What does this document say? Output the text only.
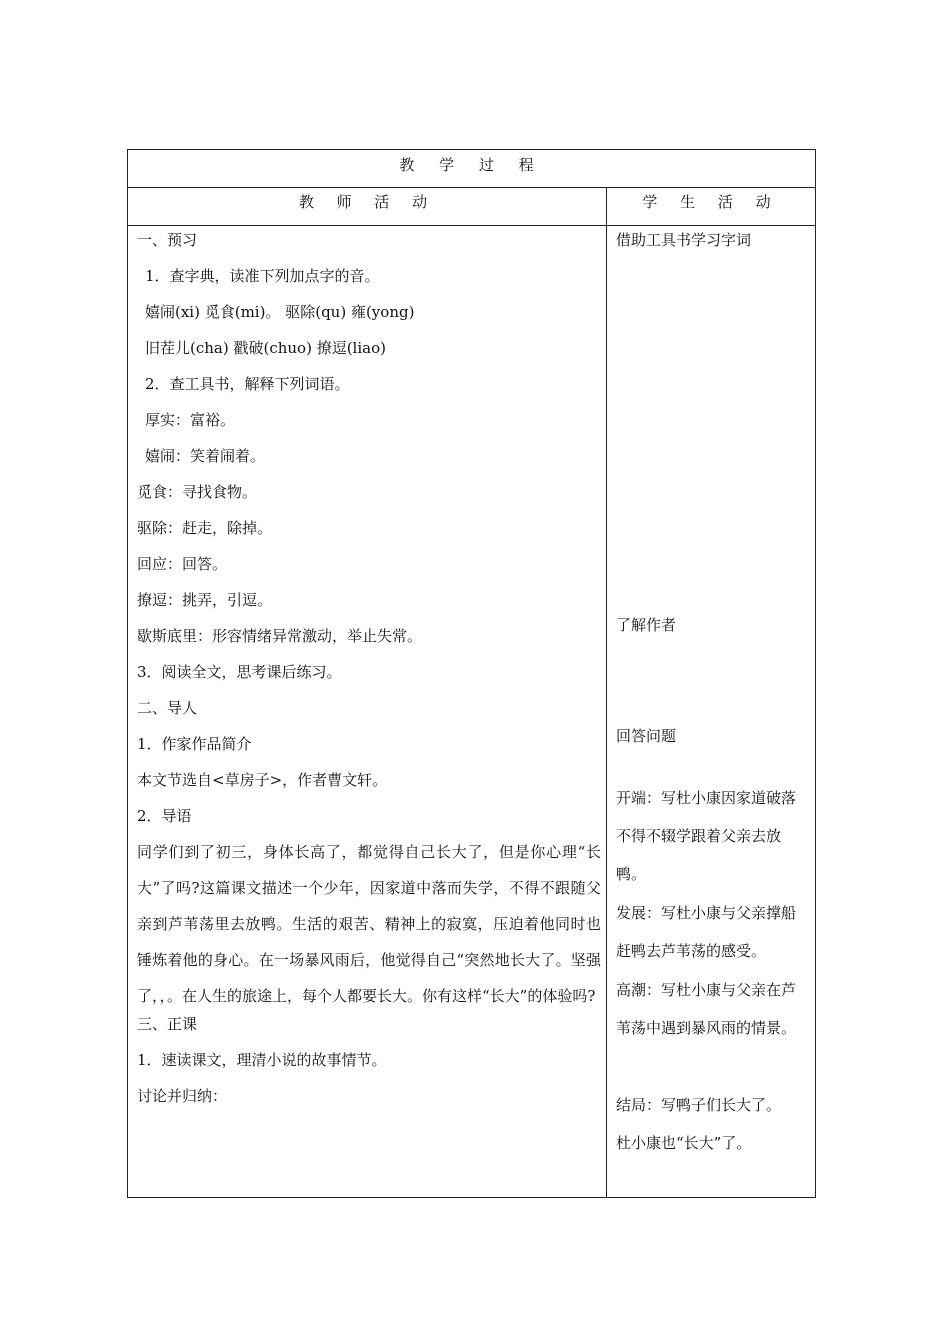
教 学 过 程
教 师 活 动	学 生 活 动
一、预习
1．查字典，读准下列加点字的音。
嬉闹(xi) 觅食(mi)。 驱除(qu) 雍(yong)
旧茬儿(cha) 戳破(chuo) 撩逗(liao)
2．查工具书，解释下列词语。
厚实：富裕。
嬉闹：笑着闹着。
觅食：寻找食物。
驱除：赶走，除掉。
回应：回答。
撩逗：挑弄，引逗。
歇斯底里：形容情绪异常激动，举止失常。
3．阅读全文，思考课后练习。
二、导人
1．作家作品简介
本文节选自<草房子>，作者曹文轩。
2．导语
同学们到了初三，身体长高了，都觉得自己长大了，但是你心理“长大”了吗?这篇课文描述一个少年，因家道中落而失学，不得不跟随父亲到芦苇荡里去放鸭。生活的艰苦、精神上的寂寞，压迫着他同时也锤炼着他的身心。在一场暴风雨后，他觉得自己“突然地长大了。坚强了，，。在人生的旅途上，每个人都要长大。你有这样“长大”的体验吗?
三、正课
1．速读课文，理清小说的故事情节。
讨论并归纳：
借助工具书学习字词
了解作者
回答问题
开端：写杜小康因家道破落不得不辍学跟着父亲去放鸭。
发展：写杜小康与父亲撑船赶鸭去芦苇荡的感受。
高潮：写杜小康与父亲在芦苇荡中遇到暴风雨的情景。
结局：写鸭子们长大了。
杜小康也“长大”了。
